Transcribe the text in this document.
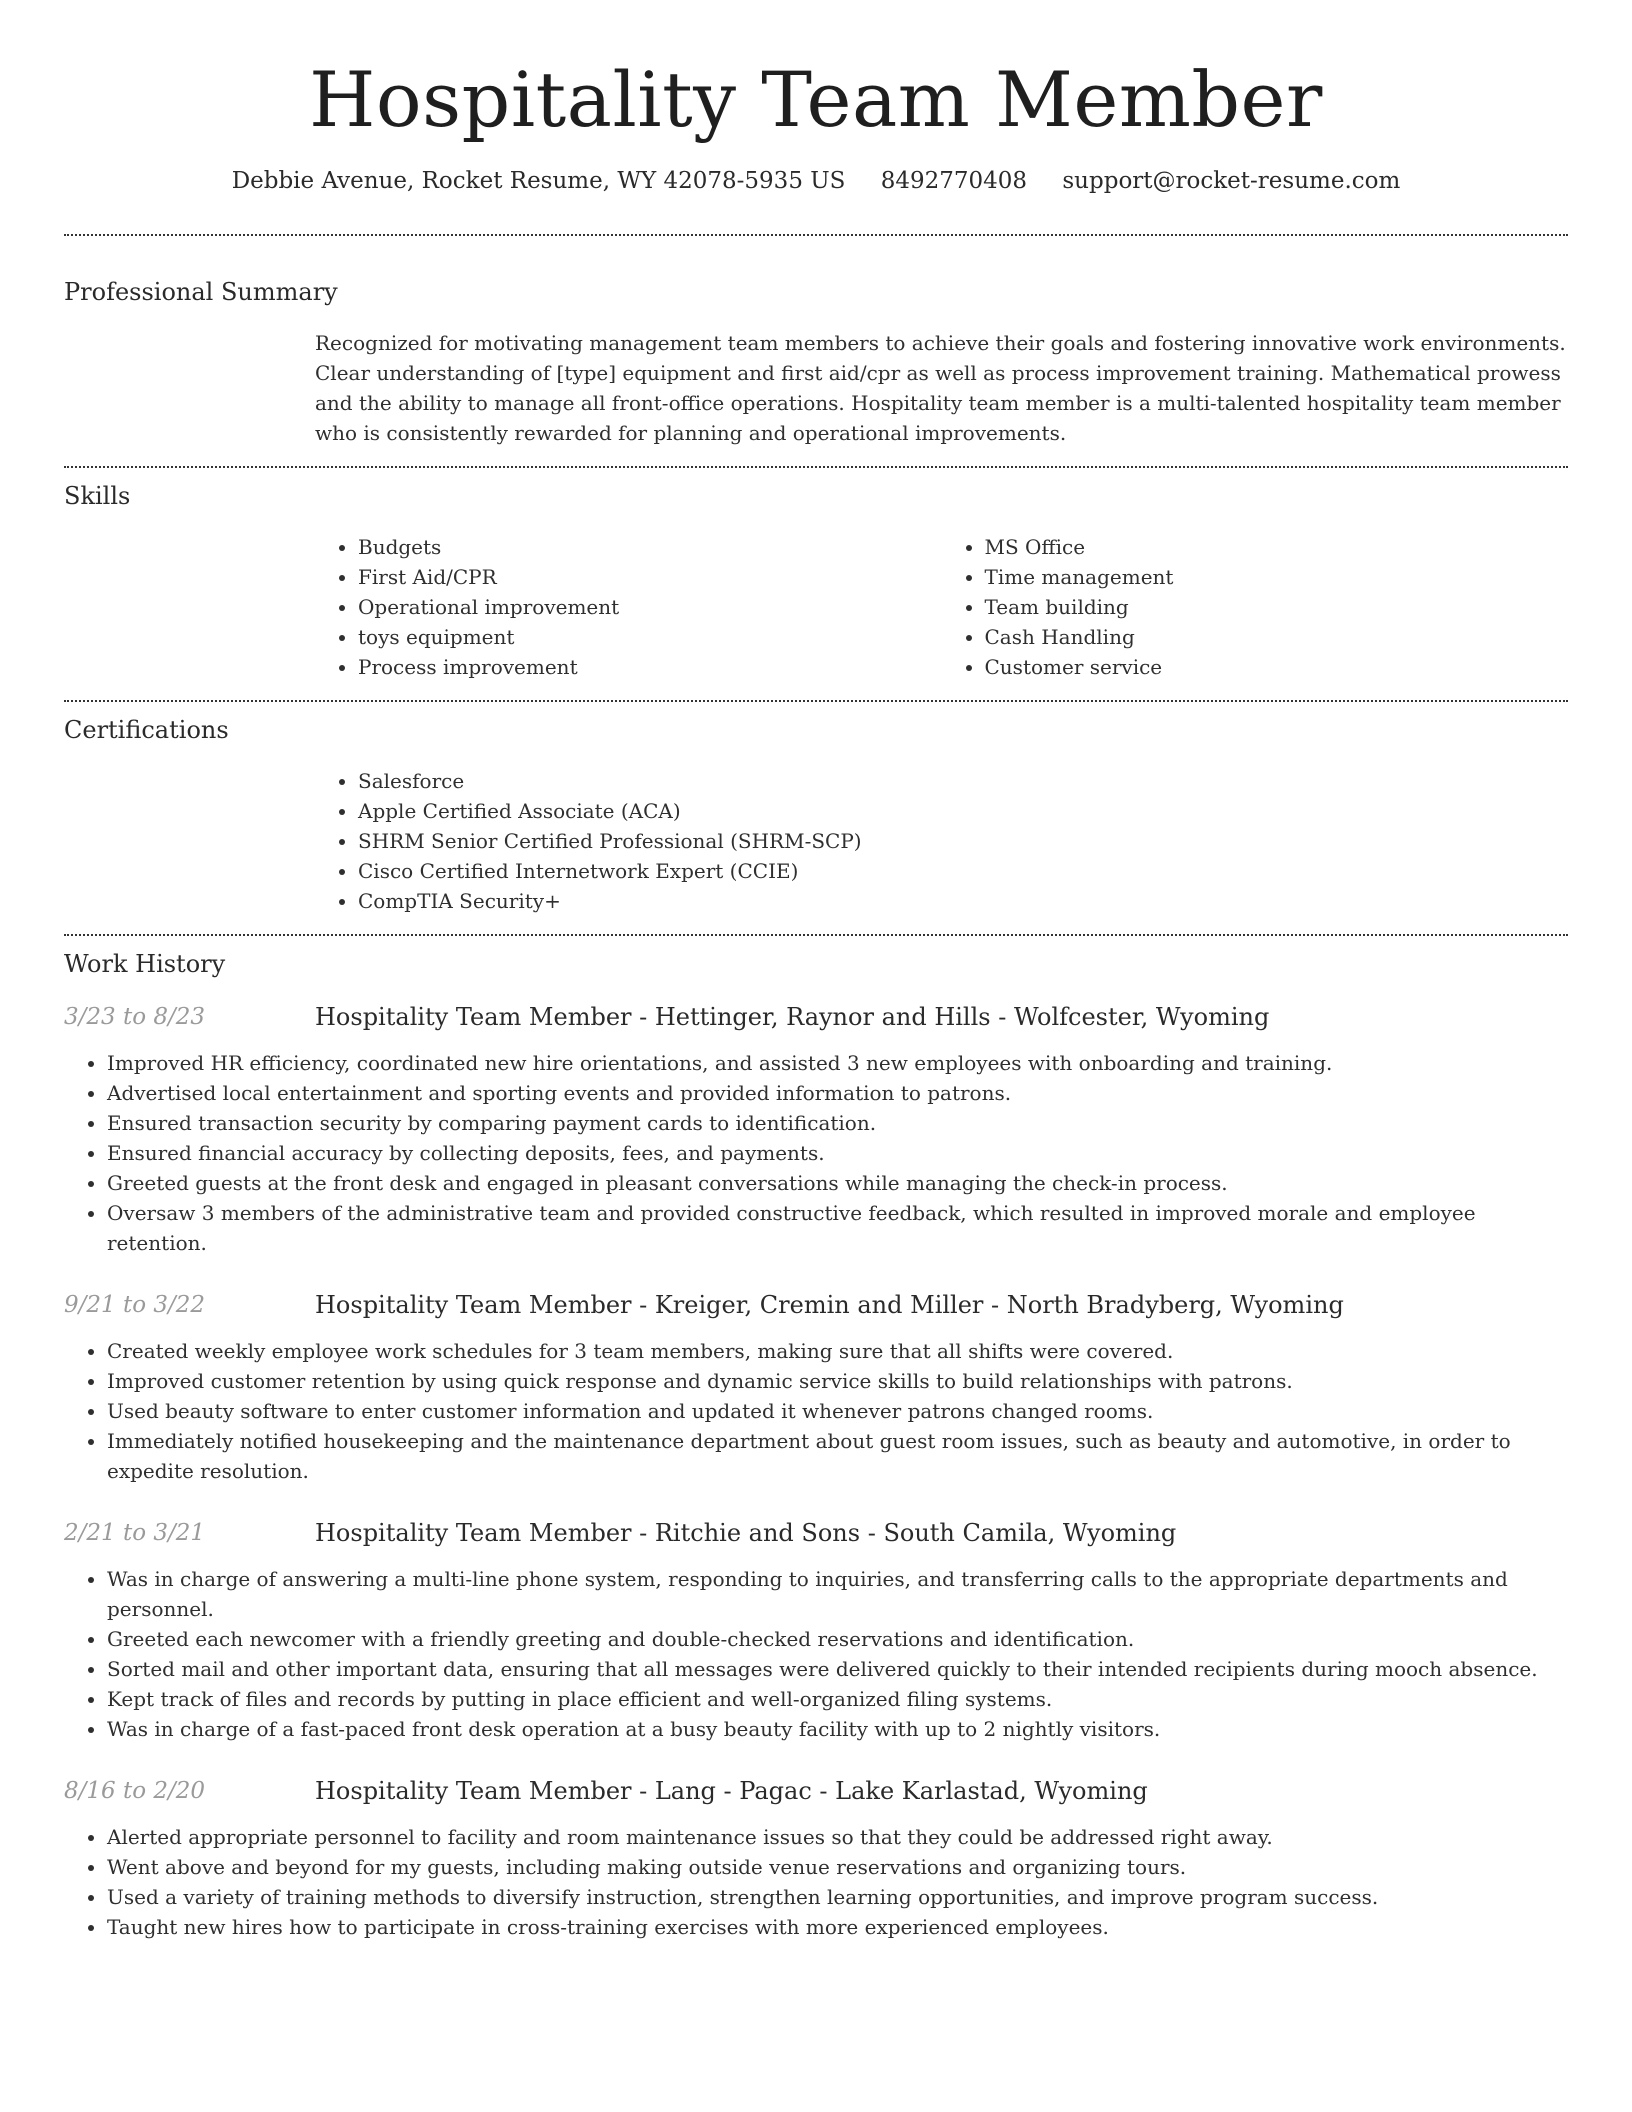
Hospitality Team Member
Debbie Avenue, Rocket Resume, WY 42078-5935 US 8492770408 support@rocket-resume.com
Professional Summary
Recognized for motivating management team members to achieve their goals and fostering innovative work environments. Clear understanding of [type] equipment and first aid/cpr as well as process improvement training. Mathematical prowess and the ability to manage all front-office operations. Hospitality team member is a multi-talented hospitality team member who is consistently rewarded for planning and operational improvements.
Skills
• Budgets
• First Aid/CPR
• Operational improvement
• toys equipment
• Process improvement
• MS Office
• Time management
• Team building
• Cash Handling
• Customer service
Certifications
• Salesforce
• Apple Certified Associate (ACA)
• SHRM Senior Certified Professional (SHRM-SCP)
• Cisco Certified Internetwork Expert (CCIE)
• CompTIA Security+
Work History
3/23 to 8/23	Hospitality Team Member - Hettinger, Raynor and Hills - Wolfcester, Wyoming
• Improved HR efficiency, coordinated new hire orientations, and assisted 3 new employees with onboarding and training.
• Advertised local entertainment and sporting events and provided information to patrons.
• Ensured transaction security by comparing payment cards to identification.
• Ensured financial accuracy by collecting deposits, fees, and payments.
• Greeted guests at the front desk and engaged in pleasant conversations while managing the check-in process.
• Oversaw 3 members of the administrative team and provided constructive feedback, which resulted in improved morale and employee retention.
9/21 to 3/22	Hospitality Team Member - Kreiger, Cremin and Miller - North Bradyberg, Wyoming
• Created weekly employee work schedules for 3 team members, making sure that all shifts were covered.
• Improved customer retention by using quick response and dynamic service skills to build relationships with patrons.
• Used beauty software to enter customer information and updated it whenever patrons changed rooms.
• Immediately notified housekeeping and the maintenance department about guest room issues, such as beauty and automotive, in order to expedite resolution.
2/21 to 3/21	Hospitality Team Member - Ritchie and Sons - South Camila, Wyoming
• Was in charge of answering a multi-line phone system, responding to inquiries, and transferring calls to the appropriate departments and personnel.
• Greeted each newcomer with a friendly greeting and double-checked reservations and identification.
• Sorted mail and other important data, ensuring that all messages were delivered quickly to their intended recipients during mooch absence.
• Kept track of files and records by putting in place efficient and well-organized filing systems.
• Was in charge of a fast-paced front desk operation at a busy beauty facility with up to 2 nightly visitors.
8/16 to 2/20	Hospitality Team Member - Lang - Pagac - Lake Karlastad, Wyoming
• Alerted appropriate personnel to facility and room maintenance issues so that they could be addressed right away.
• Went above and beyond for my guests, including making outside venue reservations and organizing tours.
• Used a variety of training methods to diversify instruction, strengthen learning opportunities, and improve program success.
• Taught new hires how to participate in cross-training exercises with more experienced employees.
